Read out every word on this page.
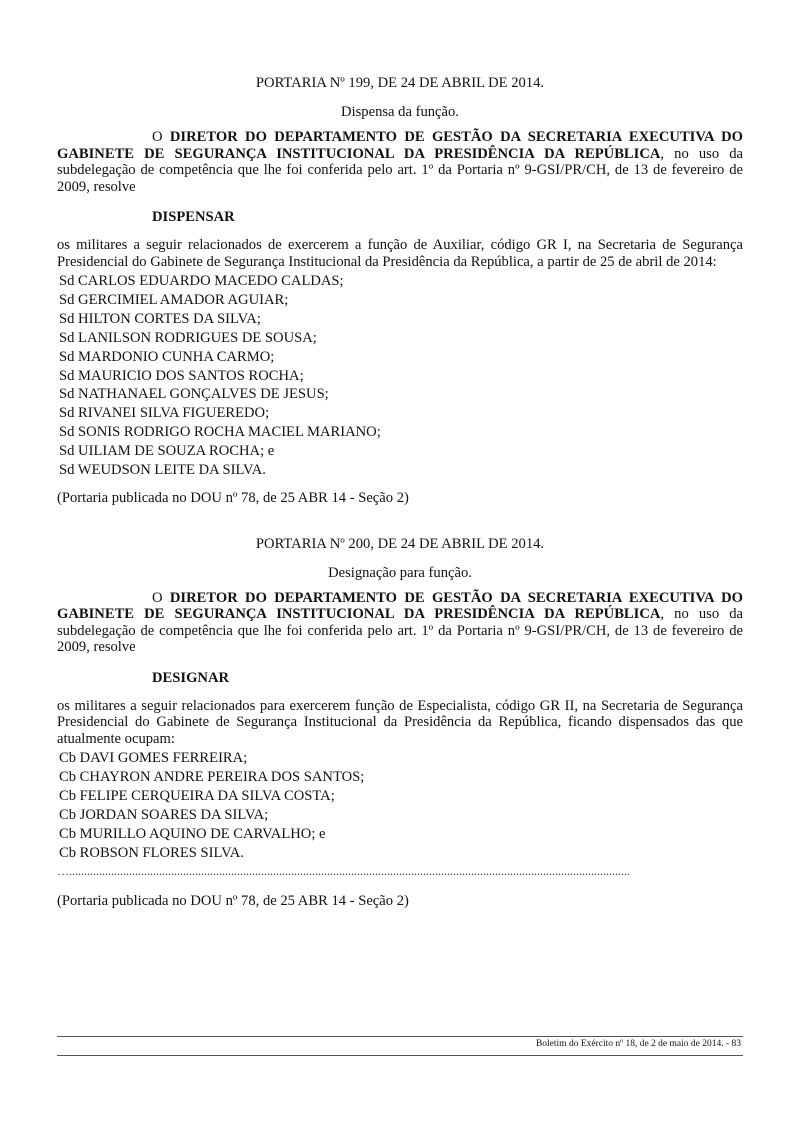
PORTARIA Nº 199, DE 24 DE ABRIL DE 2014.
Dispensa da função.
O DIRETOR DO DEPARTAMENTO DE GESTÃO DA SECRETARIA EXECUTIVA DO GABINETE DE SEGURANÇA INSTITUCIONAL DA PRESIDÊNCIA DA REPÚBLICA, no uso da subdelegação de competência que lhe foi conferida pelo art. 1º da Portaria nº 9-GSI/PR/CH, de 13 de fevereiro de 2009, resolve
DISPENSAR
os militares a seguir relacionados de exercerem a função de Auxiliar, código GR I, na Secretaria de Segurança Presidencial do Gabinete de Segurança Institucional da Presidência da República, a partir de 25 de abril de 2014:
Sd CARLOS EDUARDO MACEDO CALDAS;
Sd GERCIMIEL AMADOR AGUIAR;
Sd HILTON CORTES DA SILVA;
Sd LANILSON RODRIGUES DE SOUSA;
Sd MARDONIO CUNHA CARMO;
Sd MAURICIO DOS SANTOS ROCHA;
Sd NATHANAEL GONÇALVES DE JESUS;
Sd RIVANEI SILVA FIGUEREDO;
Sd SONIS RODRIGO ROCHA MACIEL MARIANO;
Sd UILIAM DE SOUZA ROCHA; e
Sd WEUDSON LEITE DA SILVA.
(Portaria publicada no DOU nº 78, de 25 ABR 14 - Seção 2)
PORTARIA Nº 200, DE 24 DE ABRIL DE 2014.
Designação para função.
O DIRETOR DO DEPARTAMENTO DE GESTÃO DA SECRETARIA EXECUTIVA DO GABINETE DE SEGURANÇA INSTITUCIONAL DA PRESIDÊNCIA DA REPÚBLICA, no uso da subdelegação de competência que lhe foi conferida pelo art. 1º da Portaria nº 9-GSI/PR/CH, de 13 de fevereiro de 2009, resolve
DESIGNAR
os militares a seguir relacionados para exercerem função de Especialista, código GR II, na Secretaria de Segurança Presidencial do Gabinete de Segurança Institucional da Presidência da República, ficando dispensados das que atualmente ocupam:
Cb DAVI GOMES FERREIRA;
Cb CHAYRON ANDRE PEREIRA DOS SANTOS;
Cb FELIPE CERQUEIRA DA SILVA COSTA;
Cb JORDAN SOARES DA SILVA;
Cb MURILLO AQUINO DE CARVALHO; e
Cb ROBSON FLORES SILVA.
…...........................................................................................................................................................................................
(Portaria publicada no DOU nº 78, de 25 ABR 14 - Seção 2)
Boletim do Exército nº 18, de 2 de maio de 2014. - 83
